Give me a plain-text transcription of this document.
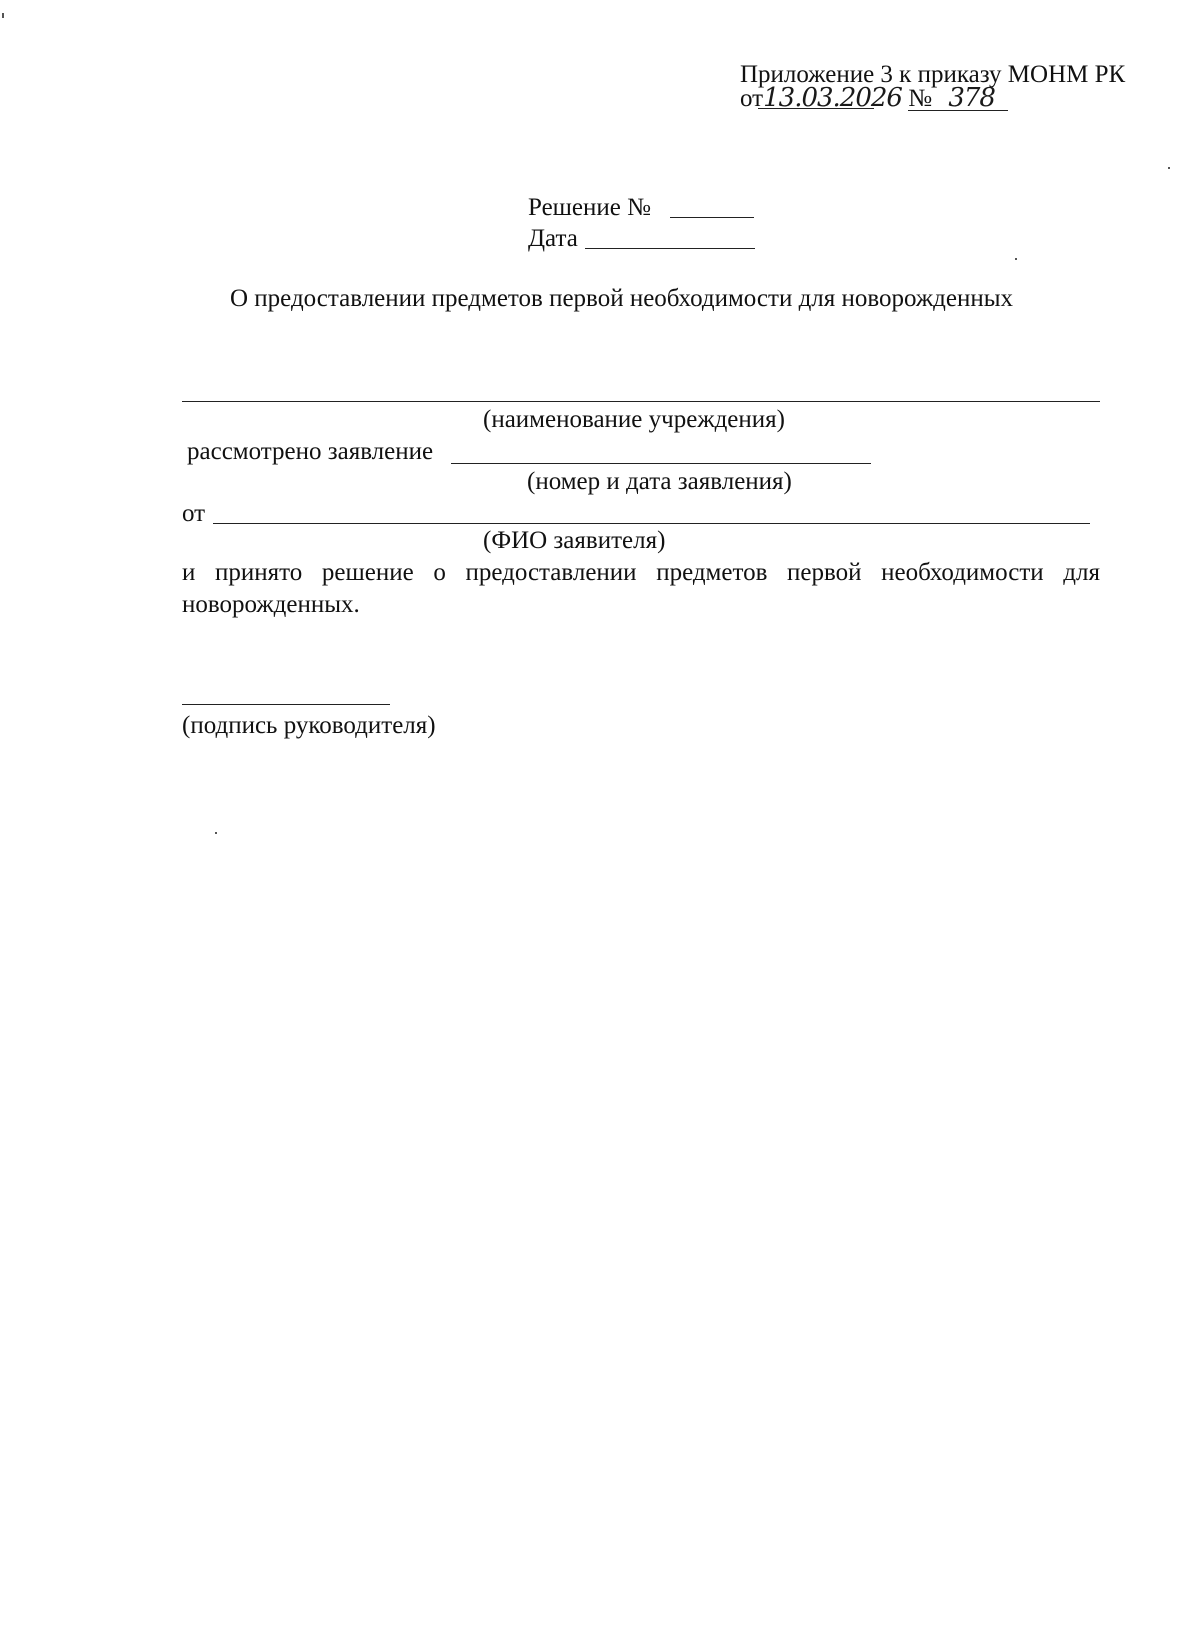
Приложение 3 к приказу МОНМ РК
от13.03.2026 № 378
Решение №
Дата
О предоставлении предметов первой необходимости для новорожденных
(наименование учреждения)
рассмотрено заявление
(номер и дата заявления)
от
(ФИО заявителя)
и принято решение о предоставлении предметов первой необходимости для новорожденных.
(подпись руководителя)
